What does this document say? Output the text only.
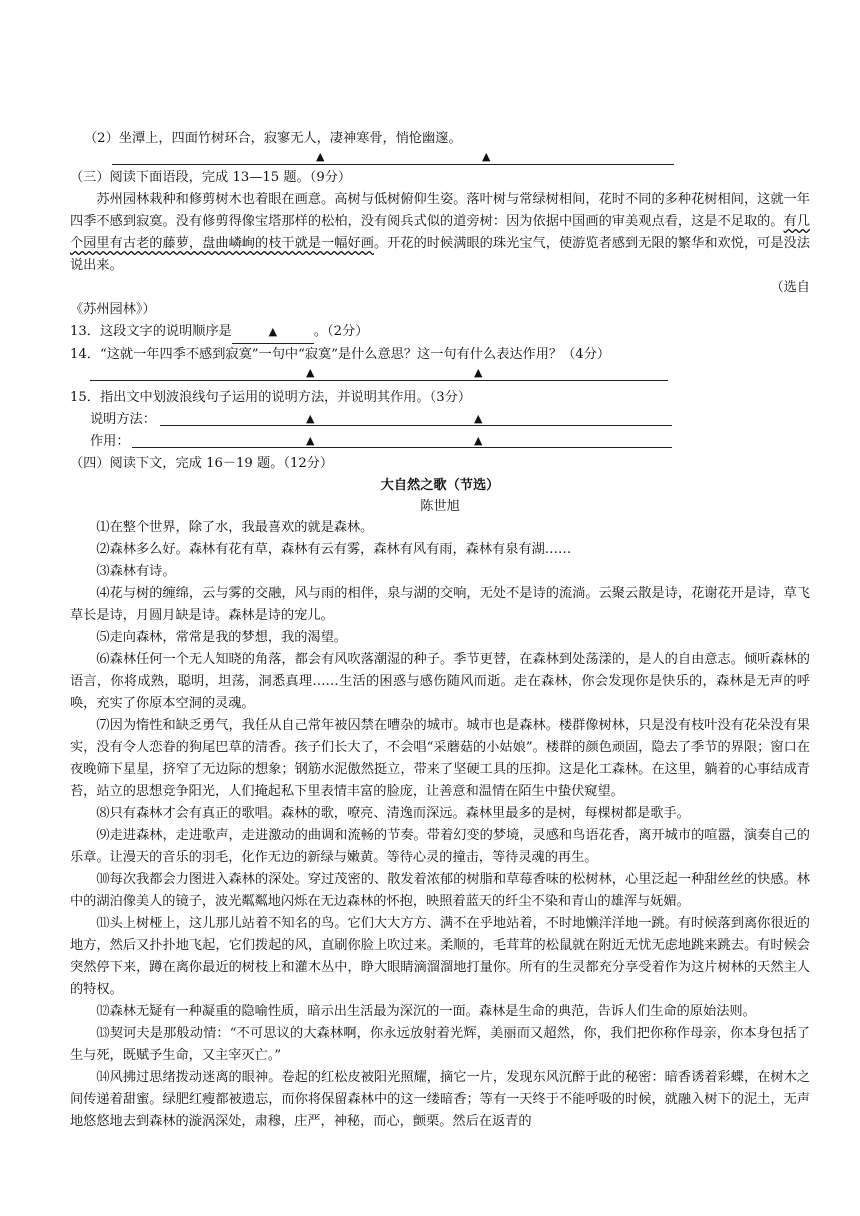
（2）坐潭上，四面竹树环合，寂寥无人，凄神寒骨，悄怆幽邃。
▲	▲
（三）阅读下面语段，完成 13—15 题。（9分）
苏州园林栽种和修剪树木也着眼在画意。高树与低树俯仰生姿。落叶树与常绿树相间，花时不同的多种花树相间，这就一年四季不感到寂寞。没有修剪得像宝塔那样的松柏，没有阅兵式似的道旁树：因为依据中国画的审美观点看，这是不足取的。有几个园里有古老的藤萝，盘曲嶙峋的枝干就是一幅好画。开花的时候满眼的珠光宝气，使游览者感到无限的繁华和欢悦，可是没法说出来。
（选自
《苏州园林》）
13．这段文字的说明顺序是	▲	。（2分）
14．“这就一年四季不感到寂寞”一句中“寂寞”是什么意思？这一句有什么表达作用？（4分）
▲	▲
15．指出文中划波浪线句子运用的说明方法，并说明其作用。（3分）
说明方法：	▲	▲
作用：	▲	▲
（四）阅读下文，完成 16－19 题。（12分）
大自然之歌（节选）
陈世旭
⑴在整个世界，除了水，我最喜欢的就是森林。
⑵森林多么好。森林有花有草，森林有云有雾，森林有风有雨，森林有泉有湖……
⑶森林有诗。
⑷花与树的缠绵，云与雾的交融，风与雨的相伴，泉与湖的交响，无处不是诗的流淌。云聚云散是诗，花谢花开是诗，草飞草长是诗，月圆月缺是诗。森林是诗的宠儿。
⑸走向森林，常常是我的梦想，我的渴望。
⑹森林任何一个无人知晓的角落，都会有风吹落潮湿的种子。季节更替，在森林到处荡漾的，是人的自由意志。倾听森林的语言，你将成熟，聪明，坦荡，洞悉真理……生活的困惑与感伤随风而逝。走在森林，你会发现你是快乐的，森林是无声的呼唤，充实了你原本空洞的灵魂。
⑺因为惰性和缺乏勇气，我任从自己常年被囚禁在嘈杂的城市。城市也是森林。楼群像树林，只是没有枝叶没有花朵没有果实，没有令人恋眷的狗尾巴草的清香。孩子们长大了，不会唱“采蘑菇的小姑娘”。楼群的颜色顽固，隐去了季节的界限；窗口在夜晚筛下星星，挤窄了无边际的想象；钢筋水泥傲然挺立，带来了坚硬工具的压抑。这是化工森林。在这里，躺着的心事结成青苔，站立的思想竞争阳光，人们掩起私下里表情丰富的脸庞，让善意和温情在陌生中蛰伏窥望。
⑻只有森林才会有真正的歌唱。森林的歌，嘹亮、清逸而深远。森林里最多的是树，每棵树都是歌手。
⑼走进森林，走进歌声，走进激动的曲调和流畅的节奏。带着幻变的梦境，灵感和鸟语花香，离开城市的喧嚣，演奏自己的乐章。让漫天的音乐的羽毛，化作无边的新绿与嫩黄。等待心灵的撞击，等待灵魂的再生。
⑽每次我都会力图进入森林的深处。穿过茂密的、散发着浓郁的树脂和草莓香味的松树林，心里泛起一种甜丝丝的快感。林中的湖泊像美人的镜子，波光粼粼地闪烁在无边森林的怀抱，映照着蓝天的纤尘不染和青山的雄浑与妩媚。
⑾头上树桠上，这儿那儿站着不知名的鸟。它们大大方方、满不在乎地站着，不时地懒洋洋地一跳。有时候落到离你很近的地方，然后又扑扑地飞起，它们拨起的风，直刷你脸上吹过来。柔顺的，毛茸茸的松鼠就在附近无忧无虑地跳来跳去。有时候会突然停下来，蹲在离你最近的树枝上和灌木丛中，睁大眼睛滴溜溜地打量你。所有的生灵都充分享受着作为这片树林的天然主人的特权。
⑿森林无疑有一种凝重的隐喻性质，暗示出生活最为深沉的一面。森林是生命的典范，告诉人们生命的原始法则。
⒀契诃夫是那般动情：“不可思议的大森林啊，你永远放射着光辉，美丽而又超然，你，我们把你称作母亲，你本身包括了生与死，既赋予生命，又主宰灭亡。”
⒁风拂过思绪拨动迷离的眼神。卷起的红松皮被阳光照耀，摘它一片，发现东风沉醉于此的秘密：暗香诱着彩蝶，在树木之间传递着甜蜜。绿肥红瘦都被遗忘，而你将保留森林中的这一缕暗香；等有一天终于不能呼吸的时候，就融入树下的泥土，无声地悠悠地去到森林的漩涡深处，肃穆，庄严，神秘，而心，颤栗。然后在返青的
